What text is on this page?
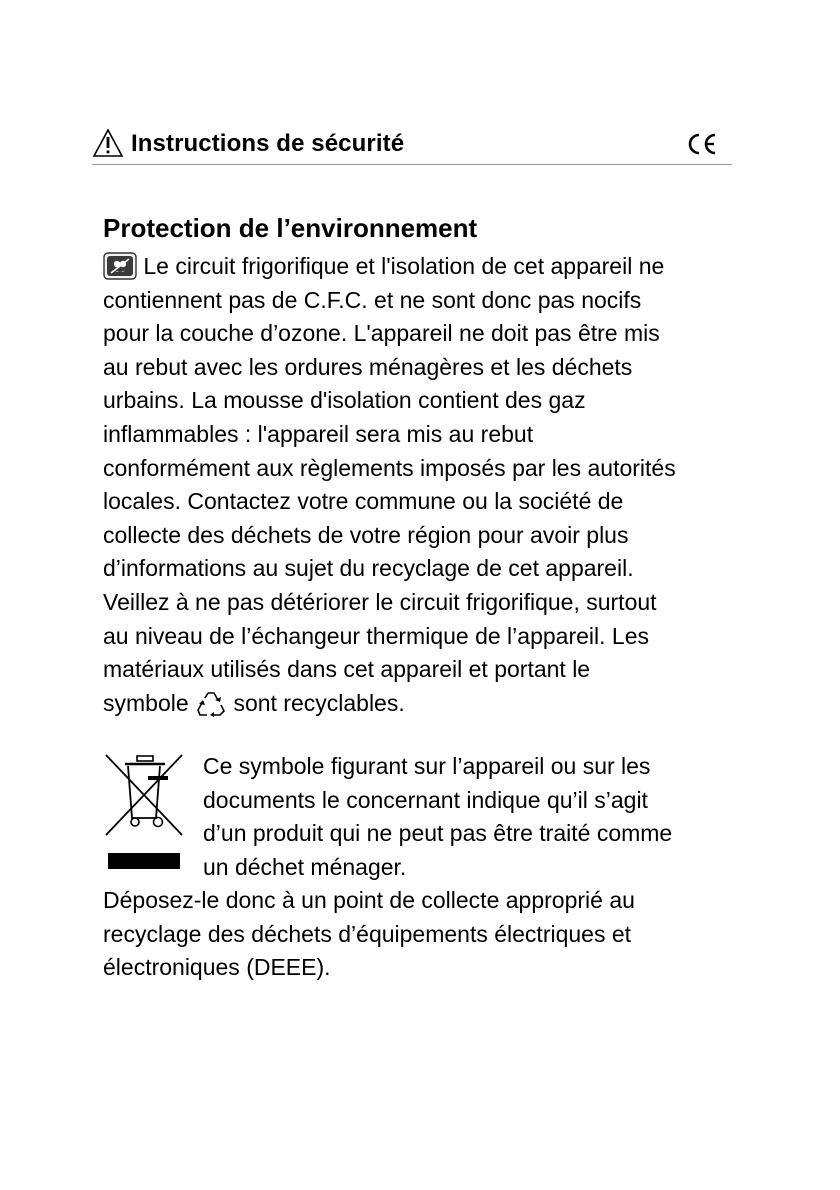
Instructions de sécurité
Protection de l’environnement
Le circuit frigorifique et l'isolation de cet appareil ne
contiennent pas de C.F.C. et ne sont donc pas nocifs
pour la couche d’ozone. L'appareil ne doit pas être mis
au rebut avec les ordures ménagères et les déchets
urbains. La mousse d'isolation contient des gaz
inflammables : l'appareil sera mis au rebut
conformément aux règlements imposés par les autorités
locales. Contactez votre commune ou la société de
collecte des déchets de votre région pour avoir plus
d’informations au sujet du recyclage de cet appareil.
Veillez à ne pas détériorer le circuit frigorifique, surtout
au niveau de l’échangeur thermique de l’appareil. Les
matériaux utilisés dans cet appareil et portant le
symbole sont recyclables.
Ce symbole figurant sur l’appareil ou sur les
documents le concernant indique qu’il s’agit
d’un produit qui ne peut pas être traité comme
un déchet ménager.
Déposez-le donc à un point de collecte approprié au
recyclage des déchets d’équipements électriques et
électroniques (DEEE).
